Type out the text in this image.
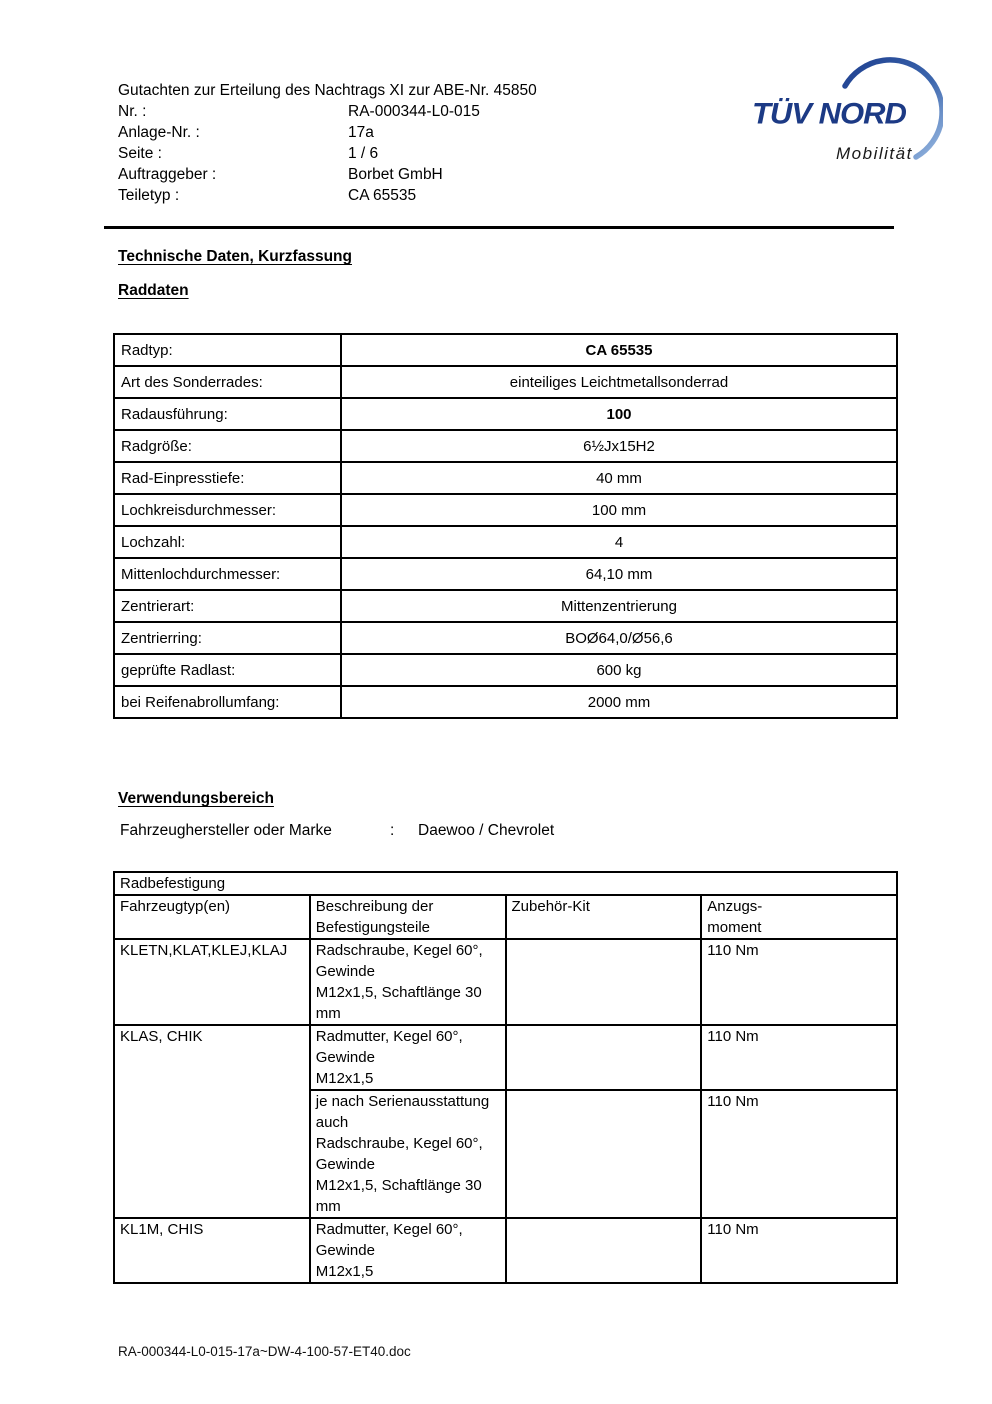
Gutachten zur Erteilung des Nachtrags XI zur ABE-Nr. 45850
Nr. :	RA-000344-L0-015
Anlage-Nr. :	17a
Seite :	1 / 6
Auftraggeber :	Borbet GmbH
Teiletyp :	CA 65535
TÜV NORD
Mobilität
Technische Daten, Kurzfassung
Raddaten
Radtyp:	CA 65535
Art des Sonderrades:	einteiliges Leichtmetallsonderrad
Radausführung:	100
Radgröße:	6½Jx15H2
Rad-Einpresstiefe:	40 mm
Lochkreisdurchmesser:	100 mm
Lochzahl:	4
Mittenlochdurchmesser:	64,10 mm
Zentrierart:	Mittenzentrierung
Zentrierring:	BOØ64,0/Ø56,6
geprüfte Radlast:	600 kg
bei Reifenabrollumfang:	2000 mm
Verwendungsbereich
Fahrzeughersteller oder Marke	:	Daewoo / Chevrolet
Radbefestigung			
Fahrzeugtyp(en)	Beschreibung der Befestigungsteile	Zubehör-Kit	Anzugs-
moment

KLETN,KLAT,KLEJ,KLAJ	Radschraube, Kegel 60°, Gewinde
M12x1,5, Schaftlänge 30 mm		110 Nm
KLAS, CHIK	Radmutter, Kegel 60°, Gewinde
M12x1,5		110 Nm

	je nach Serienausstattung auch
Radschraube, Kegel 60°, Gewinde
M12x1,5, Schaftlänge 30 mm		110 Nm
KL1M, CHIS	Radmutter, Kegel 60°, Gewinde
M12x1,5		110 Nm
RA-000344-L0-015-17a~DW-4-100-57-ET40.doc
